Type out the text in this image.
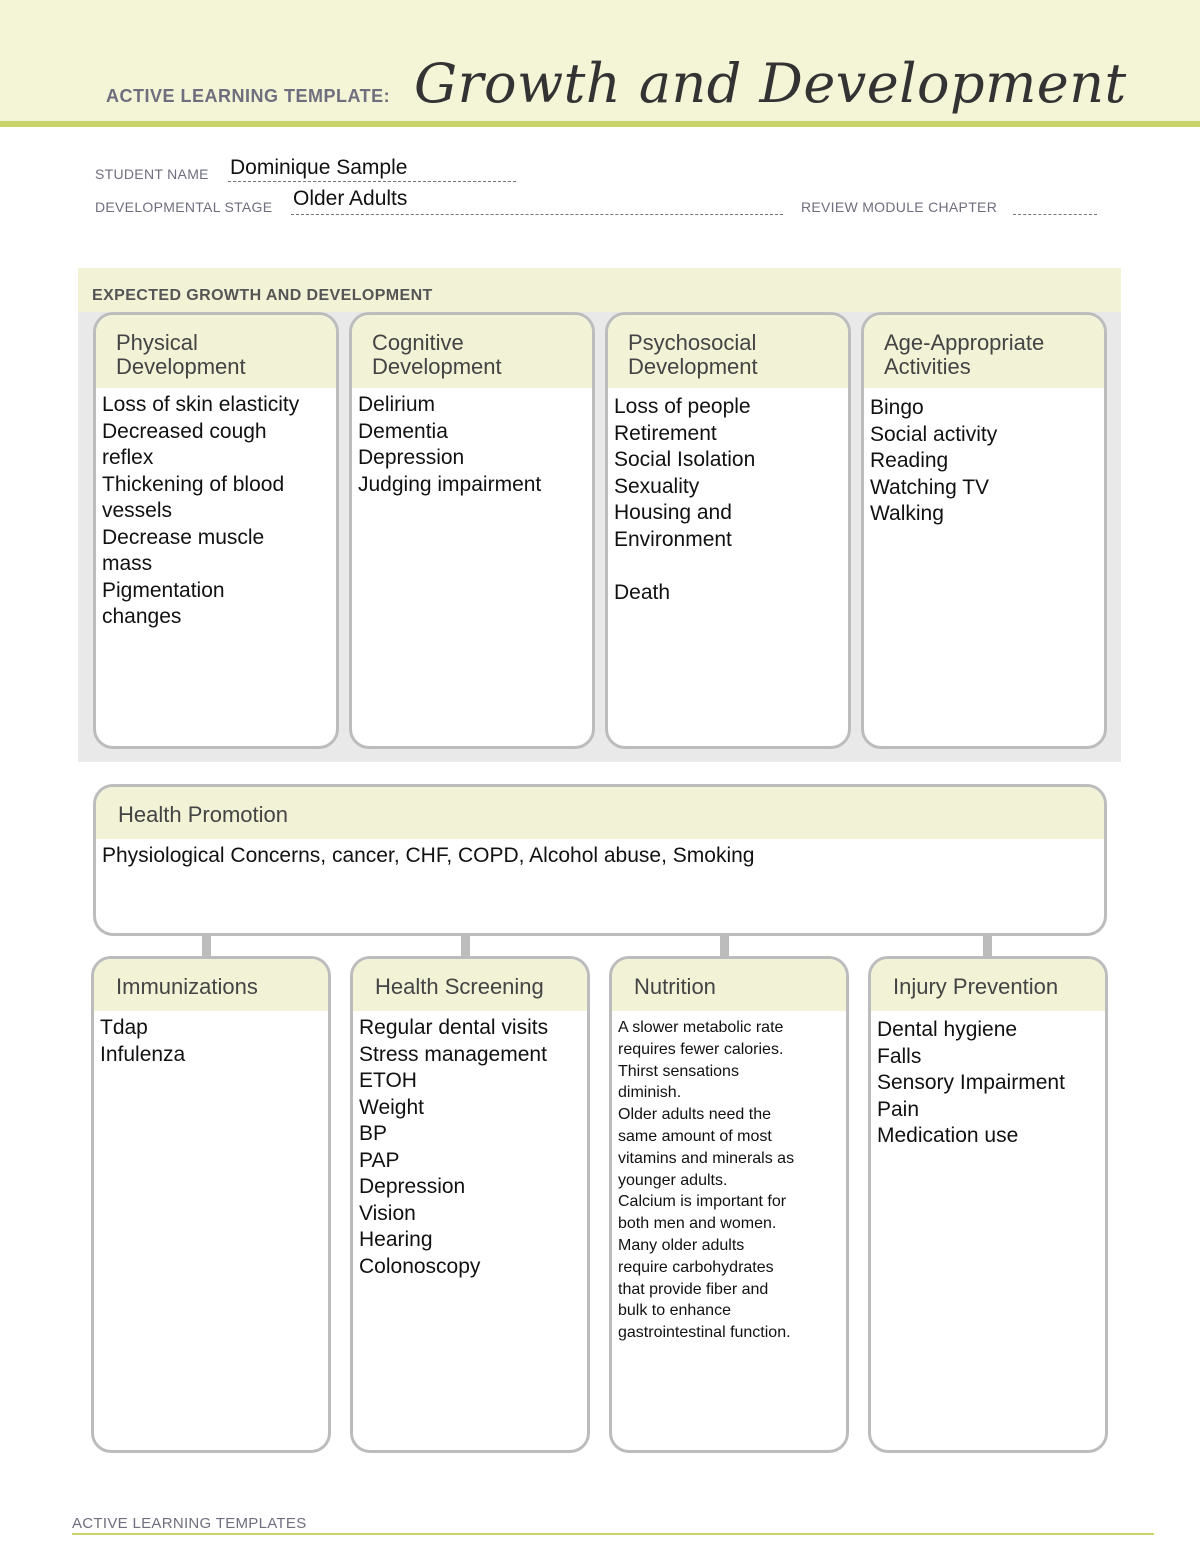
ACTIVE LEARNING TEMPLATE: Growth and Development
STUDENT NAME Dominique Sample
DEVELOPMENTAL STAGE Older Adults	REVIEW MODULE CHAPTER
EXPECTED GROWTH AND DEVELOPMENT
Physical
Development
Loss of skin elasticity
Decreased cough
reflex
Thickening of blood
vessels
Decrease muscle
mass
Pigmentation
changes
Cognitive
Development
Delirium
Dementia
Depression
Judging impairment
Psychosocial
Development
Loss of people
Retirement
Social Isolation
Sexuality
Housing and
Environment
Death
Age-Appropriate
Activities
Bingo
Social activity
Reading
Watching TV
Walking
Health Promotion
Physiological Concerns, cancer, CHF, COPD, Alcohol abuse, Smoking
Immunizations
Tdap
Infulenza
Health Screening
Regular dental visits
Stress management
ETOH
Weight
BP
PAP
Depression
Vision
Hearing
Colonoscopy
Nutrition
A slower metabolic rate
requires fewer calories.
Thirst sensations
diminish.
Older adults need the
same amount of most
vitamins and minerals as
younger adults.
Calcium is important for
both men and women.
Many older adults
require carbohydrates
that provide fiber and
bulk to enhance
gastrointestinal function.
Injury Prevention
Dental hygiene
Falls
Sensory Impairment
Pain
Medication use
ACTIVE LEARNING TEMPLATES
